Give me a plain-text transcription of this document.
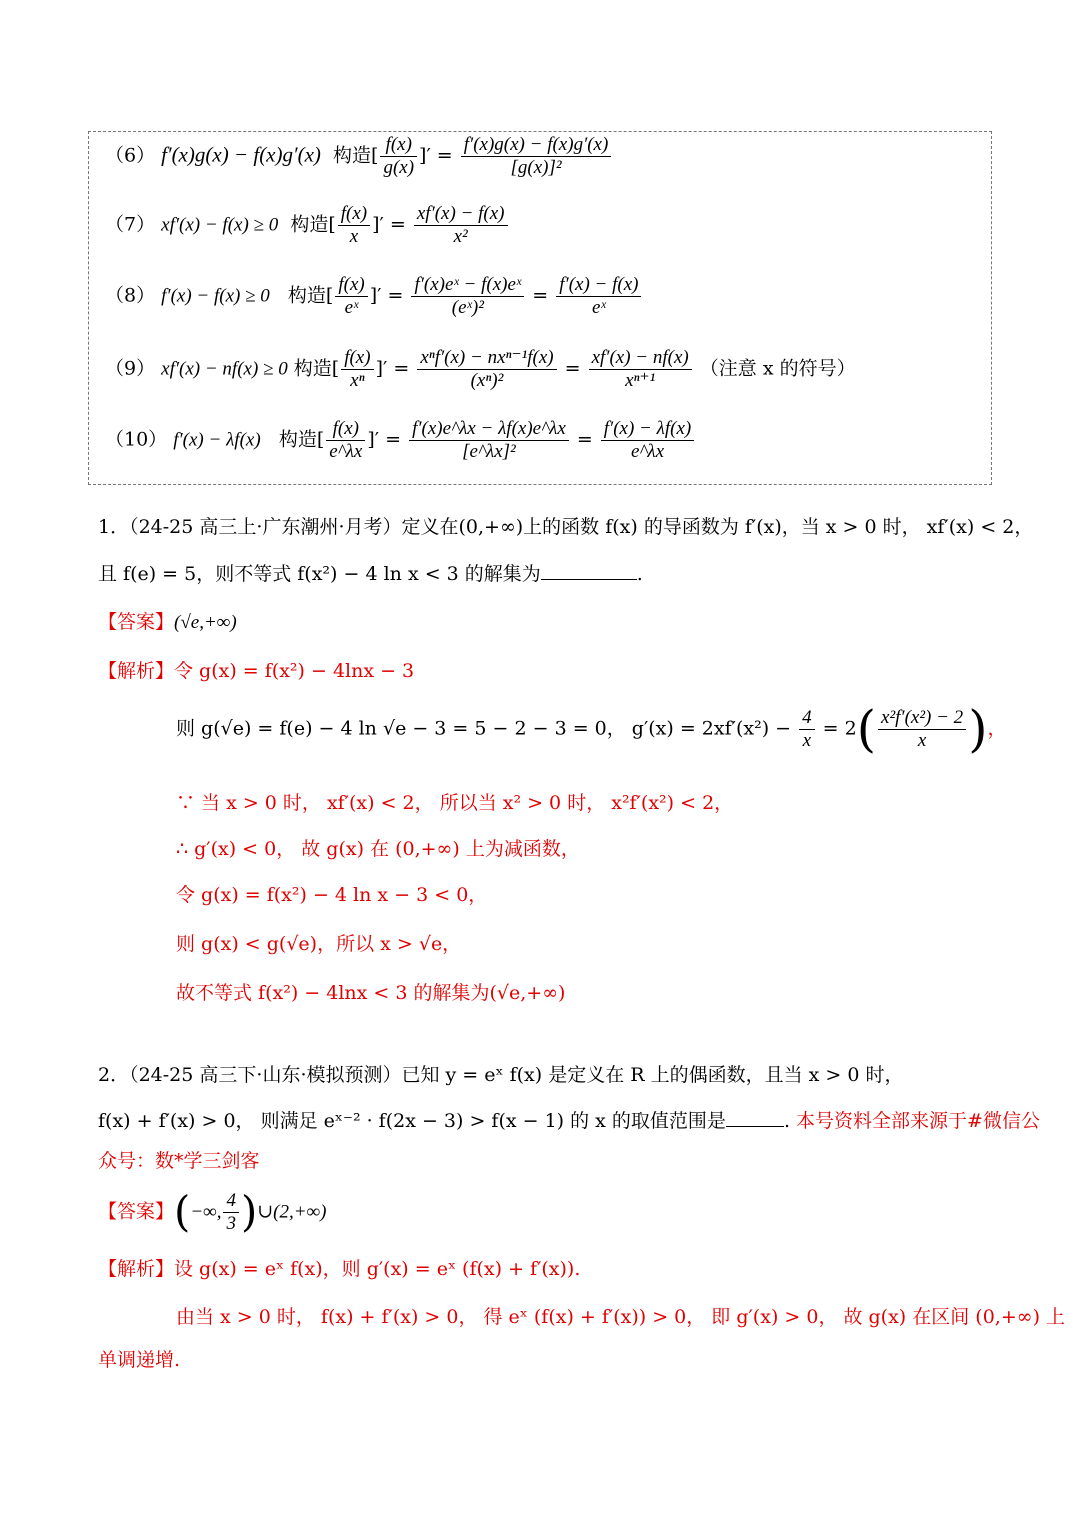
（6） f′(x)g(x) − f(x)g′(x) 构造[ $\frac{f(x)}{g(x)}$ ]′ = $\frac{f'(x)g(x) - f(x)g'(x)}{\text{[g(x)]²}}$
（7） xf′(x) − f(x) ≥ 0 构造[ $\frac{f(x)}{x}$ ]′ = $\frac{xf'(x) - f(x)}{\text{x²}}$
（8） f′(x) − f(x) ≥ 0 构造[ $\frac{f(x)}{\text{eˣ}}$ ]′ = $\frac{\text{f′(x)eˣ − f(x)eˣ}}{\text{(eˣ)²}} = \frac{f'(x) - f(x)}{\text{eˣ}}$
（9） xf′(x) − nf(x) ≥ 0 构造[ $\frac{f(x)}{\text{xⁿ}}$ ]′ = xⁿf′(x) − nxⁿ⁻¹f(x)
(xⁿ)²
= $\frac{xf'(x) - nf(x)}{\text{xⁿ⁺¹}}$ （注意 x 的符号）
（10） f′(x) − λf(x) 构造[ $\frac{f(x)}{e\^{}\lambda x}$ ]′ = $\frac{f'(x)e\^{}\lambda x - \lambda f(x)e\^{}\lambda x}{\text{[e\textasciicircum{}λx]²}} = \frac{f'(x) - \lambda f(x)}{e\^{}\lambda x}$
1．（24-25 高三上·广东潮州·月考）定义在(0,+∞)上的函数 f(x) 的导函数为 f′(x)，当 x > 0 时， xf′(x) < 2，
且 f(e) = 5，则不等式 f(x²) − 4 ln x < 3 的解集为	.
【答案】(√e,+∞)
【解析】令 g(x) = f(x²) − 4lnx − 3
则 g(√e) = f(e) − 4 ln √e − 3 = 5 − 2 − 3 = 0， $g'(x) = 2xf'(x^2) - \frac{4}{x} = 2( \frac{\text{x²f′(x²) − 2}}{x}$ )，
∵ 当 x > 0 时， xf′(x) < 2， 所以当 x² > 0 时， x²f′(x²) < 2，
∴ g′(x) < 0， 故 g(x) 在 (0,+∞) 上为减函数，
令 g(x) = f(x²) − 4 ln x − 3 < 0，
则 g(x) < g(√e)，所以 x > √e，
故不等式 f(x²) − 4lnx < 3 的解集为(√e,+∞)
2．（24-25 高三下·山东·模拟预测）已知 y = eˣ f(x) 是定义在 R 上的偶函数，且当 x > 0 时，
f(x) + f′(x) > 0， 则满足 eˣ⁻² · f(2x − 3) > f(x − 1) 的 x 的取值范围是	. 本号资料全部来源于#微信公
众号：数*学三剑客
【答案】(−∞, $\frac{4}{3}$ )∪(2,+∞)
【解析】设 g(x) = eˣ f(x)，则 g′(x) = eˣ (f(x) + f′(x)).
由当 x > 0 时， f(x) + f′(x) > 0， 得 eˣ (f(x) + f′(x)) > 0， 即 g′(x) > 0， 故 g(x) 在区间 (0,+∞) 上
单调递增.
